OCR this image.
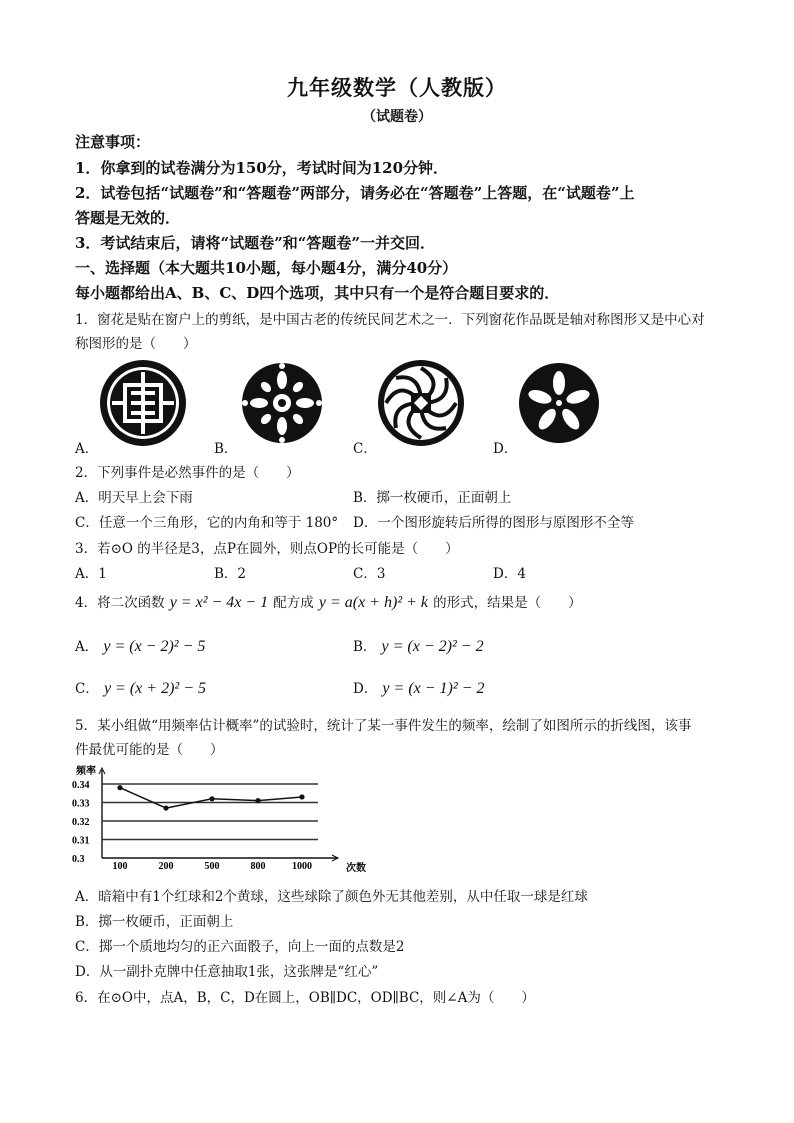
九年级数学（人教版）
（试题卷）
注意事项：
1．你拿到的试卷满分为150分，考试时间为120分钟．
2．试卷包括“试题卷”和“答题卷”两部分，请务必在“答题卷”上答题，在“试题卷”上
答题是无效的．
3．考试结束后，请将“试题卷”和“答题卷”一并交回．
一、选择题（本大题共10小题，每小题4分，满分40分）
每小题都给出A、B、C、D四个选项，其中只有一个是符合题目要求的．
1．窗花是贴在窗户上的剪纸，是中国古老的传统民间艺术之一．下列窗花作品既是轴对称图形又是中心对
称图形的是（　　）
A．	B．	C．	D．
2．下列事件是必然事件的是（　　）
A．明天早上会下雨	B．掷一枚硬币，正面朝上
C．任意一个三角形，它的内角和等于 180° D．一个图形旋转后所得的图形与原图形不全等
3．若⊙O 的半径是3，点P在圆外，则点OP的长可能是（　　）
A．1	B．2	C．3	D．4
4．将二次函数 y = x² − 4x − 1 配方成 y = a(x + h)² + k 的形式，结果是（　　）
A． y = (x − 2)² − 5	B． y = (x − 2)² − 2
C． y = (x + 2)² − 5	D． y = (x − 1)² − 2
5．某小组做“用频率估计概率”的试验时，统计了某一事件发生的频率，绘制了如图所示的折线图，该事
件最优可能的是（　　）
频率
次数
0.34
0.33
0.32
0.31
0.3
100	200	500	800	1000
A．暗箱中有1个红球和2个黄球，这些球除了颜色外无其他差别，从中任取一球是红球
B．掷一枚硬币，正面朝上
C．掷一个质地均匀的正六面骰子，向上一面的点数是2
D．从一副扑克牌中任意抽取1张，这张牌是“红心”
6．在⊙O中，点A，B，C，D在圆上，OB∥DC，OD∥BC，则∠A为（　　）
